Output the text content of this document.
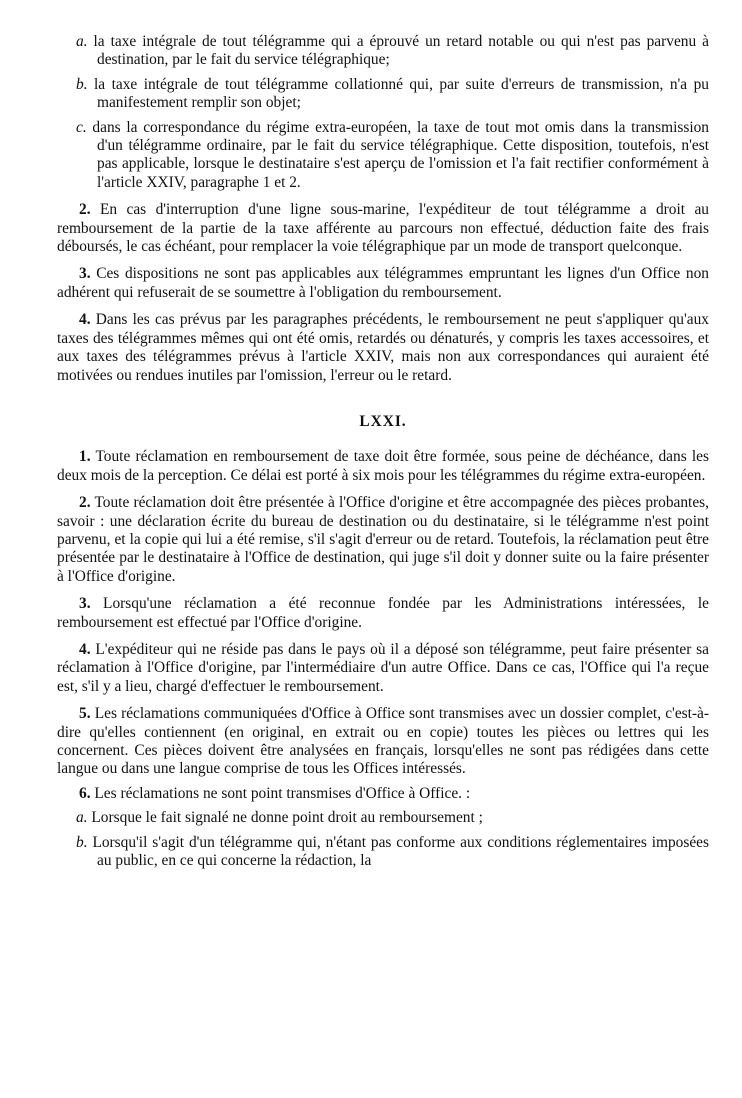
a. la taxe intégrale de tout télégramme qui a éprouvé un retard notable ou qui n'est pas parvenu à destination, par le fait du service télégraphique;

b. la taxe intégrale de tout télégramme collationné qui, par suite d'erreurs de transmission, n'a pu manifestement remplir son objet;

c. dans la correspondance du régime extra-européen, la taxe de tout mot omis dans la transmission d'un télégramme ordinaire, par le fait du service télégraphique. Cette disposition, toutefois, n'est pas applicable, lorsque le destinataire s'est aperçu de l'omission et l'a fait rectifier conformément à l'article XXIV, paragraphe 1 et 2.

2. En cas d'interruption d'une ligne sous-marine, l'expéditeur de tout télégramme a droit au remboursement de la partie de la taxe afférente au parcours non effectué, déduction faite des frais déboursés, le cas échéant, pour remplacer la voie télégraphique par un mode de transport quelconque.

3. Ces dispositions ne sont pas applicables aux télégrammes empruntant les lignes d'un Office non adhérent qui refuserait de se soumettre à l'obligation du remboursement.

4. Dans les cas prévus par les paragraphes précédents, le remboursement ne peut s'appliquer qu'aux taxes des télégrammes mêmes qui ont été omis, retardés ou dénaturés, y compris les taxes accessoires, et aux taxes des télégrammes prévus à l'article XXIV, mais non aux correspondances qui auraient été motivées ou rendues inutiles par l'omission, l'erreur ou le retard.

LXXI.

1. Toute réclamation en remboursement de taxe doit être formée, sous peine de déchéance, dans les deux mois de la perception. Ce délai est porté à six mois pour les télégrammes du régime extra-européen.

2. Toute réclamation doit être présentée à l'Office d'origine et être accompagnée des pièces probantes, savoir : une déclaration écrite du bureau de destination ou du destinataire, si le télégramme n'est point parvenu, et la copie qui lui a été remise, s'il s'agit d'erreur ou de retard. Toutefois, la réclamation peut être présentée par le destinataire à l'Office de destination, qui juge s'il doit y donner suite ou la faire présenter à l'Office d'origine.

3. Lorsqu'une réclamation a été reconnue fondée par les Administrations intéressées, le remboursement est effectué par l'Office d'origine.

4. L'expéditeur qui ne réside pas dans le pays où il a déposé son télégramme, peut faire présenter sa réclamation à l'Office d'origine, par l'intermédiaire d'un autre Office. Dans ce cas, l'Office qui l'a reçue est, s'il y a lieu, chargé d'effectuer le remboursement.

5. Les réclamations communiquées d'Office à Office sont transmises avec un dossier complet, c'est-à-dire qu'elles contiennent (en original, en extrait ou en copie) toutes les pièces ou lettres qui les concernent. Ces pièces doivent être analysées en français, lorsqu'elles ne sont pas rédigées dans cette langue ou dans une langue comprise de tous les Offices intéressés.

6. Les réclamations ne sont point transmises d'Office à Office. :

a. Lorsque le fait signalé ne donne point droit au remboursement ;

b. Lorsqu'il s'agit d'un télégramme qui, n'étant pas conforme aux conditions réglementaires imposées au public, en ce qui concerne la rédaction, la
